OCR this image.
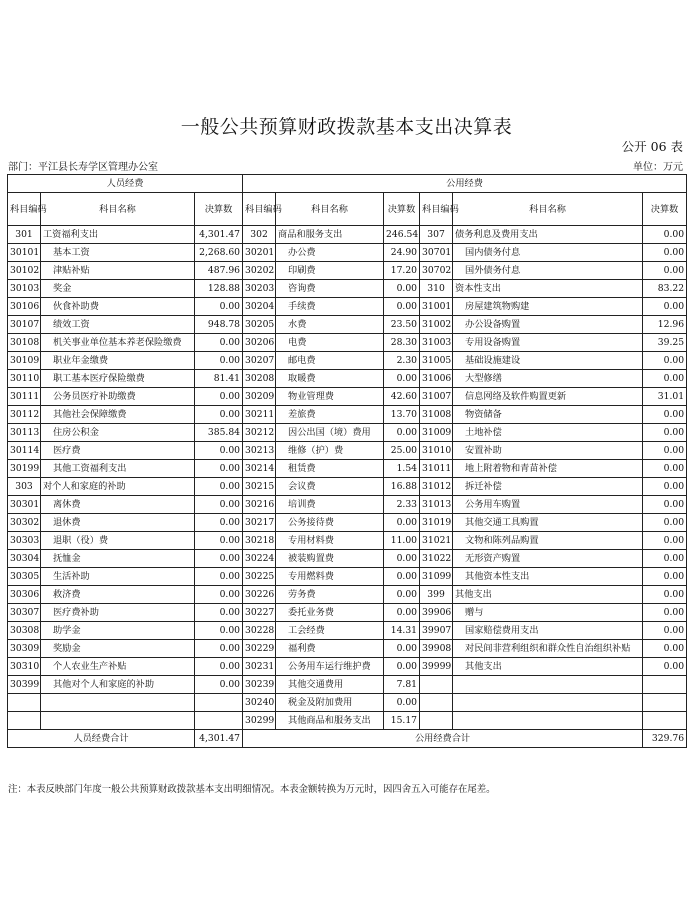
一般公共预算财政拨款基本支出决算表
公开 06 表
部门：平江县长寿学区管理办公室	单位：万元
人员经费			公用经费					
科目编码	科目名称	决算数	科目编码	科目名称	决算数	科目编码	科目名称	决算数
301	工资福利支出	4,301.47	302	商品和服务支出	246.54	307	债务利息及费用支出	0.00
30101	基本工资	2,268.60	30201	办公费	24.90	30701	国内债务付息	0.00
30102	津贴补贴	487.96	30202	印刷费	17.20	30702	国外债务付息	0.00
30103	奖金	128.88	30203	咨询费	0.00	310	资本性支出	83.22
30106	伙食补助费	0.00	30204	手续费	0.00	31001	房屋建筑物购建	0.00
30107	绩效工资	948.78	30205	水费	23.50	31002	办公设备购置	12.96
30108	机关事业单位基本养老保险缴费	0.00	30206	电费	28.30	31003	专用设备购置	39.25
30109	职业年金缴费	0.00	30207	邮电费	2.30	31005	基础设施建设	0.00
30110	职工基本医疗保险缴费	81.41	30208	取暖费	0.00	31006	大型修缮	0.00
30111	公务员医疗补助缴费	0.00	30209	物业管理费	42.60	31007	信息网络及软件购置更新	31.01
30112	其他社会保障缴费	0.00	30211	差旅费	13.70	31008	物资储备	0.00
30113	住房公积金	385.84	30212	因公出国（境）费用	0.00	31009	土地补偿	0.00
30114	医疗费	0.00	30213	维修（护）费	25.00	31010	安置补助	0.00
30199	其他工资福利支出	0.00	30214	租赁费	1.54	31011	地上附着物和青苗补偿	0.00
303	对个人和家庭的补助	0.00	30215	会议费	16.88	31012	拆迁补偿	0.00
30301	离休费	0.00	30216	培训费	2.33	31013	公务用车购置	0.00
30302	退休费	0.00	30217	公务接待费	0.00	31019	其他交通工具购置	0.00
30303	退职（役）费	0.00	30218	专用材料费	11.00	31021	文物和陈列品购置	0.00
30304	抚恤金	0.00	30224	被装购置费	0.00	31022	无形资产购置	0.00
30305	生活补助	0.00	30225	专用燃料费	0.00	31099	其他资本性支出	0.00
30306	救济费	0.00	30226	劳务费	0.00	399	其他支出	0.00
30307	医疗费补助	0.00	30227	委托业务费	0.00	39906	赠与	0.00
30308	助学金	0.00	30228	工会经费	14.31	39907	国家赔偿费用支出	0.00
30309	奖励金	0.00	30229	福利费	0.00	39908	对民间非营利组织和群众性自治组织补贴	0.00
30310	个人农业生产补贴	0.00	30231	公务用车运行维护费	0.00	39999	其他支出	0.00
30399	其他对个人和家庭的补助	0.00	30239	其他交通费用	7.81			
			30240	税金及附加费用	0.00			
			30299	其他商品和服务支出	15.17			
人员经费合计		4,301.47	公用经费合计					329.76
注：本表反映部门年度一般公共预算财政拨款基本支出明细情况。本表金额转换为万元时，因四舍五入可能存在尾差。
